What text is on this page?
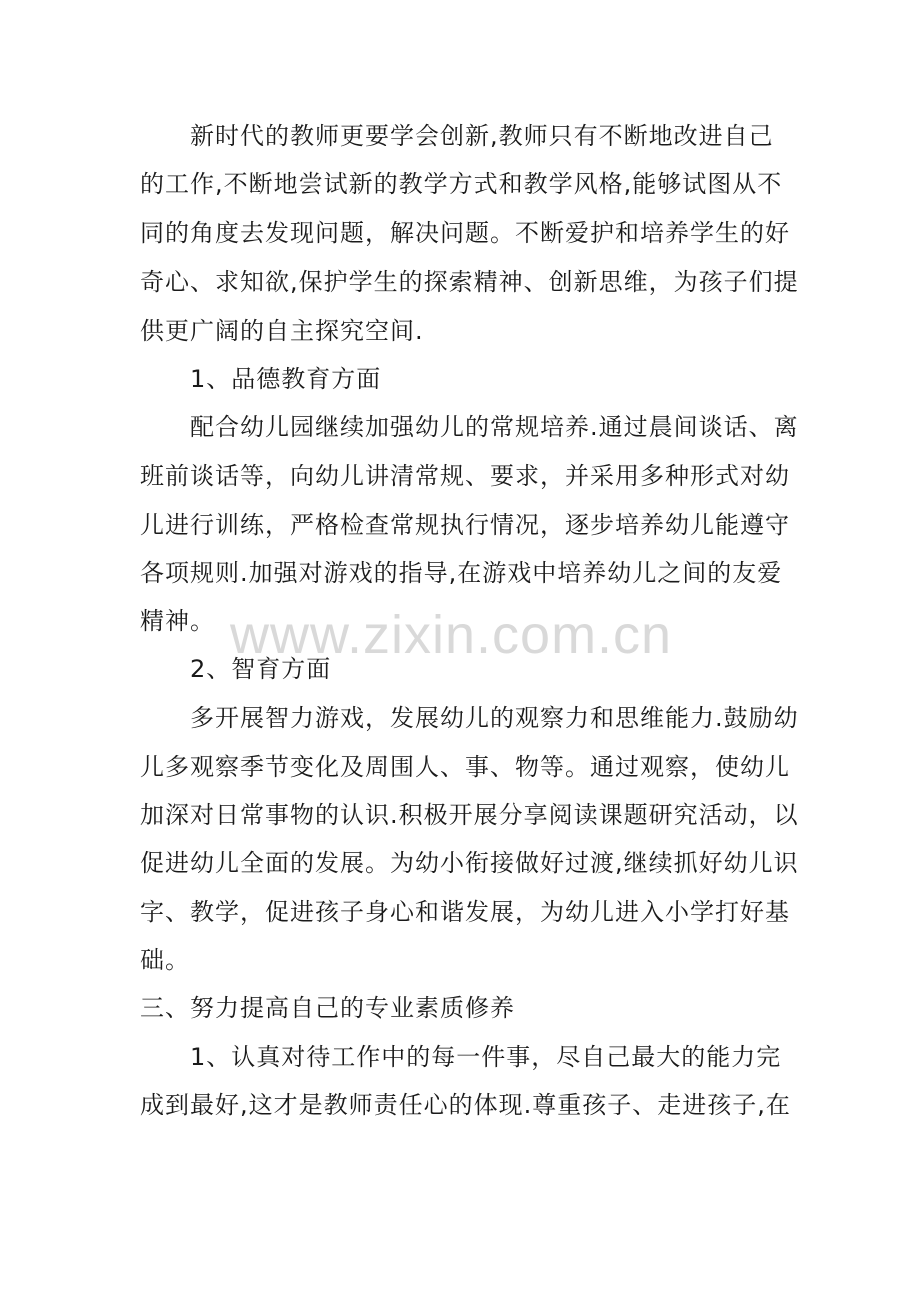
www.zixin.com.cn
新时代的教师更要学会创新,教师只有不断地改进自己
的工作,不断地尝试新的教学方式和教学风格,能够试图从不
同的角度去发现问题，解决问题。不断爱护和培养学生的好
奇心、求知欲,保护学生的探索精神、创新思维，为孩子们提
供更广阔的自主探究空间.
1、品德教育方面
配合幼儿园继续加强幼儿的常规培养.通过晨间谈话、离
班前谈话等，向幼儿讲清常规、要求，并采用多种形式对幼
儿进行训练，严格检查常规执行情况，逐步培养幼儿能遵守
各项规则.加强对游戏的指导,在游戏中培养幼儿之间的友爱
精神。
2、智育方面
多开展智力游戏，发展幼儿的观察力和思维能力.鼓励幼
儿多观察季节变化及周围人、事、物等。通过观察，使幼儿
加深对日常事物的认识.积极开展分享阅读课题研究活动，以
促进幼儿全面的发展。为幼小衔接做好过渡,继续抓好幼儿识
字、教学，促进孩子身心和谐发展，为幼儿进入小学打好基
础。
三、努力提高自己的专业素质修养
1、认真对待工作中的每一件事，尽自己最大的能力完
成到最好,这才是教师责任心的体现.尊重孩子、走进孩子,在
